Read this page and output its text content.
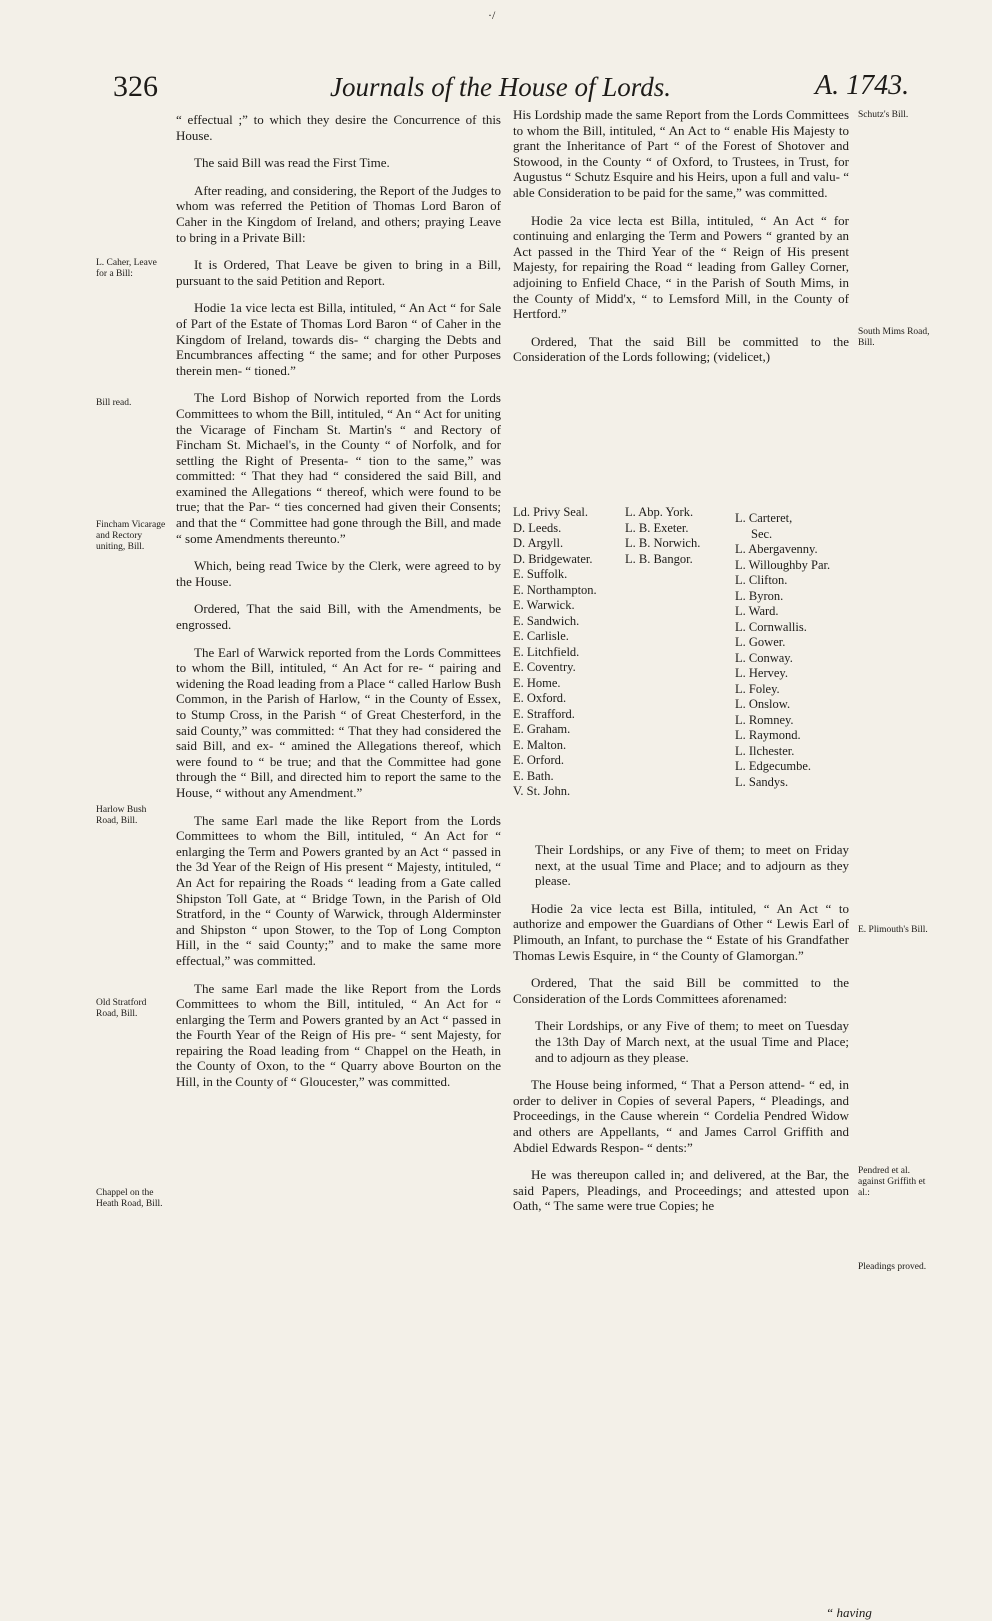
·/
326	Journals of the House of Lords.	A. 1743.

“ effectual ;” to which they desire the Concurrence of this House.

The said Bill was read the First Time.

After reading, and considering, the Report of the Judges to whom was referred the Petition of Thomas Lord Baron of Caher in the Kingdom of Ireland, and others; praying Leave to bring in a Private Bill:

It is Ordered, That Leave be given to bring in a Bill, pursuant to the said Petition and Report.

Hodie 1a vice lecta est Billa, intituled, “ An Act “ for Sale of Part of the Estate of Thomas Lord Baron “ of Caher in the Kingdom of Ireland, towards dis- “ charging the Debts and Encumbrances affecting “ the same; and for other Purposes therein men- “ tioned.”

The Lord Bishop of Norwich reported from the Lords Committees to whom the Bill, intituled, “ An “ Act for uniting the Vicarage of Fincham St. Martin's “ and Rectory of Fincham St. Michael's, in the County “ of Norfolk, and for settling the Right of Presenta- “ tion to the same,” was committed: “ That they had “ considered the said Bill, and examined the Allegations “ thereof, which were found to be true; that the Par- “ ties concerned had given their Consents; and that the “ Committee had gone through the Bill, and made “ some Amendments thereunto.”

Which, being read Twice by the Clerk, were agreed to by the House.

Ordered, That the said Bill, with the Amendments, be engrossed.

The Earl of Warwick reported from the Lords Committees to whom the Bill, intituled, “ An Act for re- “ pairing and widening the Road leading from a Place “ called Harlow Bush Common, in the Parish of Harlow, “ in the County of Essex, to Stump Cross, in the Parish “ of Great Chesterford, in the said County,” was committed: “ That they had considered the said Bill, and ex- “ amined the Allegations thereof, which were found to “ be true; and that the Committee had gone through the “ Bill, and directed him to report the same to the House, “ without any Amendment.”

The same Earl made the like Report from the Lords Committees to whom the Bill, intituled, “ An Act for “ enlarging the Term and Powers granted by an Act “ passed in the 3d Year of the Reign of His present “ Majesty, intituled, “ An Act for repairing the Roads “ leading from a Gate called Shipston Toll Gate, at “ Bridge Town, in the Parish of Old Stratford, in the “ County of Warwick, through Alderminster and Shipston “ upon Stower, to the Top of Long Compton Hill, in the “ said County;” and to make the same more effectual,” was committed.

The same Earl made the like Report from the Lords Committees to whom the Bill, intituled, “ An Act for “ enlarging the Term and Powers granted by an Act “ passed in the Fourth Year of the Reign of His pre- “ sent Majesty, for repairing the Road leading from “ Chappel on the Heath, in the County of Oxon, to the “ Quarry above Bourton on the Hill, in the County of “ Gloucester,” was committed.

His Lordship made the same Report from the Lords Committees to whom the Bill, intituled, “ An Act to “ enable His Majesty to grant the Inheritance of Part “ of the Forest of Shotover and Stowood, in the County “ of Oxford, to Trustees, in Trust, for Augustus “ Schutz Esquire and his Heirs, upon a full and valu- “ able Consideration to be paid for the same,” was committed.

Hodie 2a vice lecta est Billa, intituled, “ An Act “ for continuing and enlarging the Term and Powers “ granted by an Act passed in the Third Year of the “ Reign of His present Majesty, for repairing the Road “ leading from Galley Corner, adjoining to Enfield Chace, “ in the Parish of South Mims, in the County of Midd'x, “ to Lemsford Mill, in the County of Hertford.”

Ordered, That the said Bill be committed to the Consideration of the Lords following; (videlicet,)

Ld. Privy Seal.
D. Leeds.
D. Argyll.
D. Bridgewater.
E. Suffolk.
E. Northampton.
E. Warwick.
E. Sandwich.
E. Carlisle.
E. Litchfield.
E. Coventry.
E. Home.
E. Oxford.
E. Strafford.
E. Graham.
E. Malton.
E. Orford.
E. Bath.
V. St. John.
L. Abp. York.
L. B. Exeter.
L. B. Norwich.
L. B. Bangor.
L. Carteret,
Sec.
L. Abergavenny.
L. Willoughby Par.
L. Clifton.
L. Byron.
L. Ward.
L. Cornwallis.
L. Gower.
L. Conway.
L. Hervey.
L. Foley.
L. Onslow.
L. Romney.
L. Raymond.
L. Ilchester.
L. Edgecumbe.
L. Sandys.

Their Lordships, or any Five of them; to meet on Friday next, at the usual Time and Place; and to adjourn as they please.

Hodie 2a vice lecta est Billa, intituled, “ An Act “ to authorize and empower the Guardians of Other “ Lewis Earl of Plimouth, an Infant, to purchase the “ Estate of his Grandfather Thomas Lewis Esquire, in “ the County of Glamorgan.”

Ordered, That the said Bill be committed to the Consideration of the Lords Committees aforenamed:

Their Lordships, or any Five of them; to meet on Tuesday the 13th Day of March next, at the usual Time and Place; and to adjourn as they please.

The House being informed, “ That a Person attend- “ ed, in order to deliver in Copies of several Papers, “ Pleadings, and Proceedings, in the Cause wherein “ Cordelia Pendred Widow and others are Appellants, “ and James Carrol Griffith and Abdiel Edwards Respon- “ dents:”

He was thereupon called in; and delivered, at the Bar, the said Papers, Pleadings, and Proceedings; and attested upon Oath, “ The same were true Copies; he

L. Caher, Leave for a Bill:
Bill read.
Fincham Vicarage and Rectory uniting, Bill.
Harlow Bush Road, Bill.
Old Stratford Road, Bill.
Chappel on the Heath Road, Bill.
Schutz's Bill.
South Mims Road, Bill.
E. Plimouth's Bill.
Pendred et al. against Griffith et al.:
Pleadings proved.
“ having
